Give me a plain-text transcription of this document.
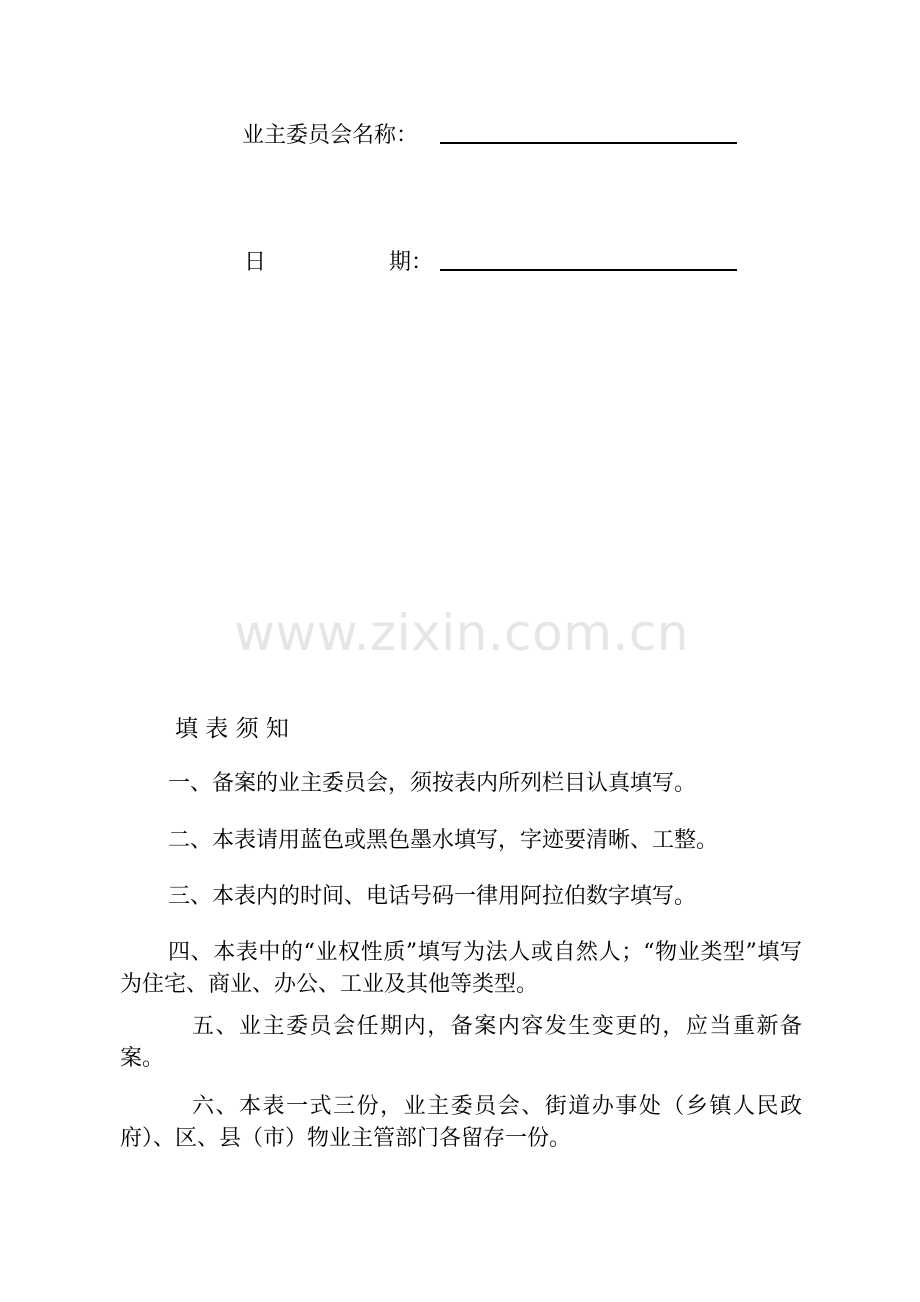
业主委员会名称：
日	期：
www.zixin.com.cn
填 表 须 知
一、备案的业主委员会，须按表内所列栏目认真填写。
二、本表请用蓝色或黑色墨水填写，字迹要清晰、工整。
三、本表内的时间、电话号码一律用阿拉伯数字填写。
四、本表中的“业权性质”填写为法人或自然人；“物业类型”填写为住宅、商业、办公、工业及其他等类型。
五、业主委员会任期内，备案内容发生变更的，应当重新备案。
六、本表一式三份，业主委员会、街道办事处（乡镇人民政府）、区、县（市）物业主管部门各留存一份。
